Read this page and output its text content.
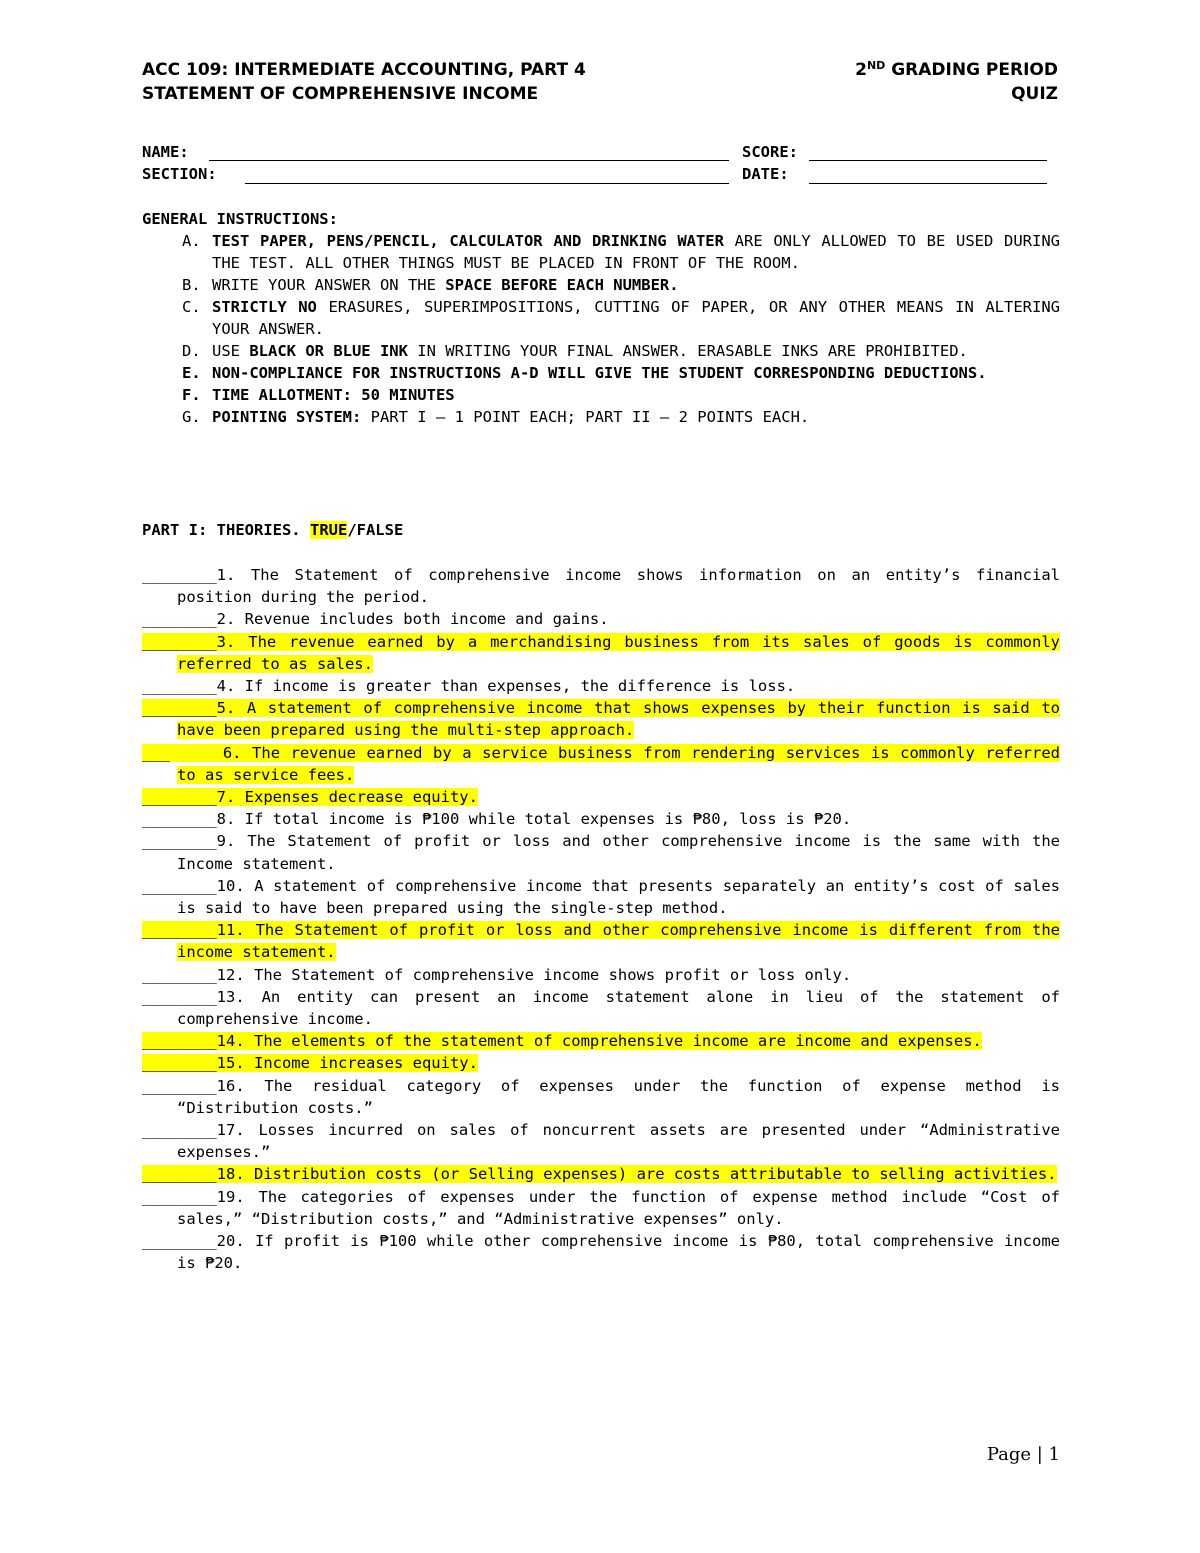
ACC 109: INTERMEDIATE ACCOUNTING, PART 4
STATEMENT OF COMPREHENSIVE INCOME
2ND GRADING PERIOD
QUIZ
NAME:	SCORE:
SECTION:	DATE:
GENERAL INSTRUCTIONS:
A. TEST PAPER, PENS/PENCIL, CALCULATOR AND DRINKING WATER ARE ONLY ALLOWED TO BE USED DURING THE TEST. ALL OTHER THINGS MUST BE PLACED IN FRONT OF THE ROOM.
B. WRITE YOUR ANSWER ON THE SPACE BEFORE EACH NUMBER.
C. STRICTLY NO ERASURES, SUPERIMPOSITIONS, CUTTING OF PAPER, OR ANY OTHER MEANS IN ALTERING YOUR ANSWER.
D. USE BLACK OR BLUE INK IN WRITING YOUR FINAL ANSWER. ERASABLE INKS ARE PROHIBITED.
E. NON-COMPLIANCE FOR INSTRUCTIONS A-D WILL GIVE THE STUDENT CORRESPONDING DEDUCTIONS.
F. TIME ALLOTMENT: 50 MINUTES
G. POINTING SYSTEM: PART I – 1 POINT EACH; PART II – 2 POINTS EACH.
PART I: THEORIES. TRUE/FALSE
________1. The Statement of comprehensive income shows information on an entity’s financial position during the period.
________2. Revenue includes both income and gains.
________3. The revenue earned by a merchandising business from its sales of goods is commonly referred to as sales.
________4. If income is greater than expenses, the difference is loss.
________5. A statement of comprehensive income that shows expenses by their function is said to have been prepared using the multi-step approach.
___     6. The revenue earned by a service business from rendering services is commonly referred to as service fees.
________7. Expenses decrease equity.
________8. If total income is ₱100 while total expenses is ₱80, loss is ₱20.
________9. The Statement of profit or loss and other comprehensive income is the same with the Income statement.
________10. A statement of comprehensive income that presents separately an entity’s cost of sales is said to have been prepared using the single-step method.
________11. The Statement of profit or loss and other comprehensive income is different from the income statement.
________12. The Statement of comprehensive income shows profit or loss only.
________13. An entity can present an income statement alone in lieu of the statement of comprehensive income.
________14. The elements of the statement of comprehensive income are income and expenses.
________15. Income increases equity.
________16. The residual category of expenses under the function of expense method is “Distribution costs.”
________17. Losses incurred on sales of noncurrent assets are presented under “Administrative expenses.”
________18. Distribution costs (or Selling expenses) are costs attributable to selling activities.
________19. The categories of expenses under the function of expense method include “Cost of sales,” “Distribution costs,” and “Administrative expenses” only.
________20. If profit is ₱100 while other comprehensive income is ₱80, total comprehensive income is ₱20.
Page | 1
